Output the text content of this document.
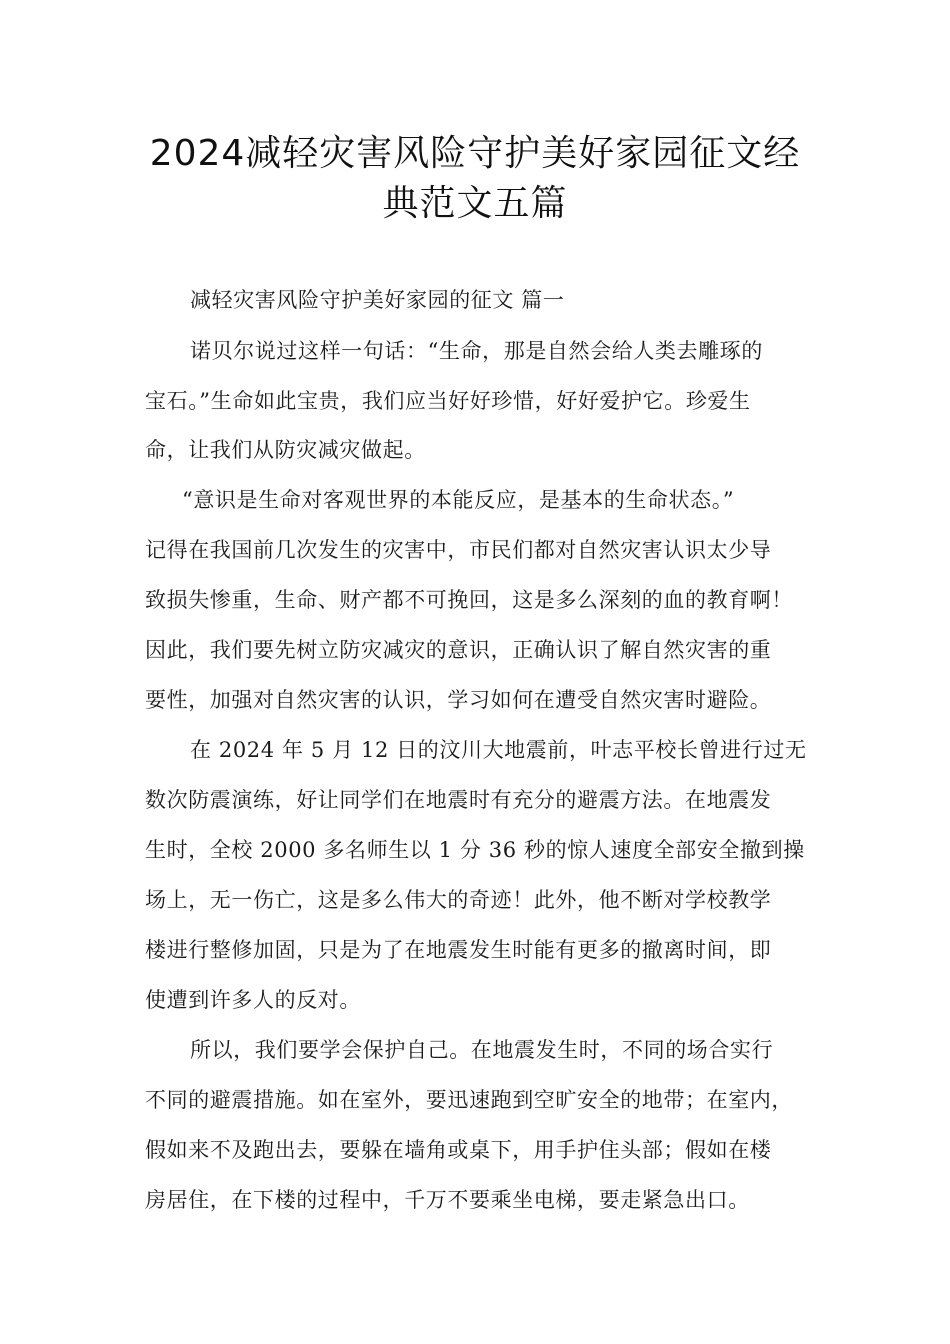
2024减轻灾害风险守护美好家园征文经
典范文五篇
减轻灾害风险守护美好家园的征文 篇一
诺贝尔说过这样一句话：“生命，那是自然会给人类去雕琢的
宝石。”生命如此宝贵，我们应当好好珍惜，好好爱护它。珍爱生
命，让我们从防灾减灾做起。
“意识是生命对客观世界的本能反应，是基本的生命状态。”
记得在我国前几次发生的灾害中，市民们都对自然灾害认识太少导
致损失惨重，生命、财产都不可挽回，这是多么深刻的血的教育啊！
因此，我们要先树立防灾减灾的意识，正确认识了解自然灾害的重
要性，加强对自然灾害的认识，学习如何在遭受自然灾害时避险。
在 2024 年 5 月 12 日的汶川大地震前，叶志平校长曾进行过无
数次防震演练，好让同学们在地震时有充分的避震方法。在地震发
生时，全校 2000 多名师生以 1 分 36 秒的惊人速度全部安全撤到操
场上，无一伤亡，这是多么伟大的奇迹！此外，他不断对学校教学
楼进行整修加固，只是为了在地震发生时能有更多的撤离时间，即
使遭到许多人的反对。
所以，我们要学会保护自己。在地震发生时，不同的场合实行
不同的避震措施。如在室外，要迅速跑到空旷安全的地带；在室内，
假如来不及跑出去，要躲在墙角或桌下，用手护住头部；假如在楼
房居住，在下楼的过程中，千万不要乘坐电梯，要走紧急出口。
